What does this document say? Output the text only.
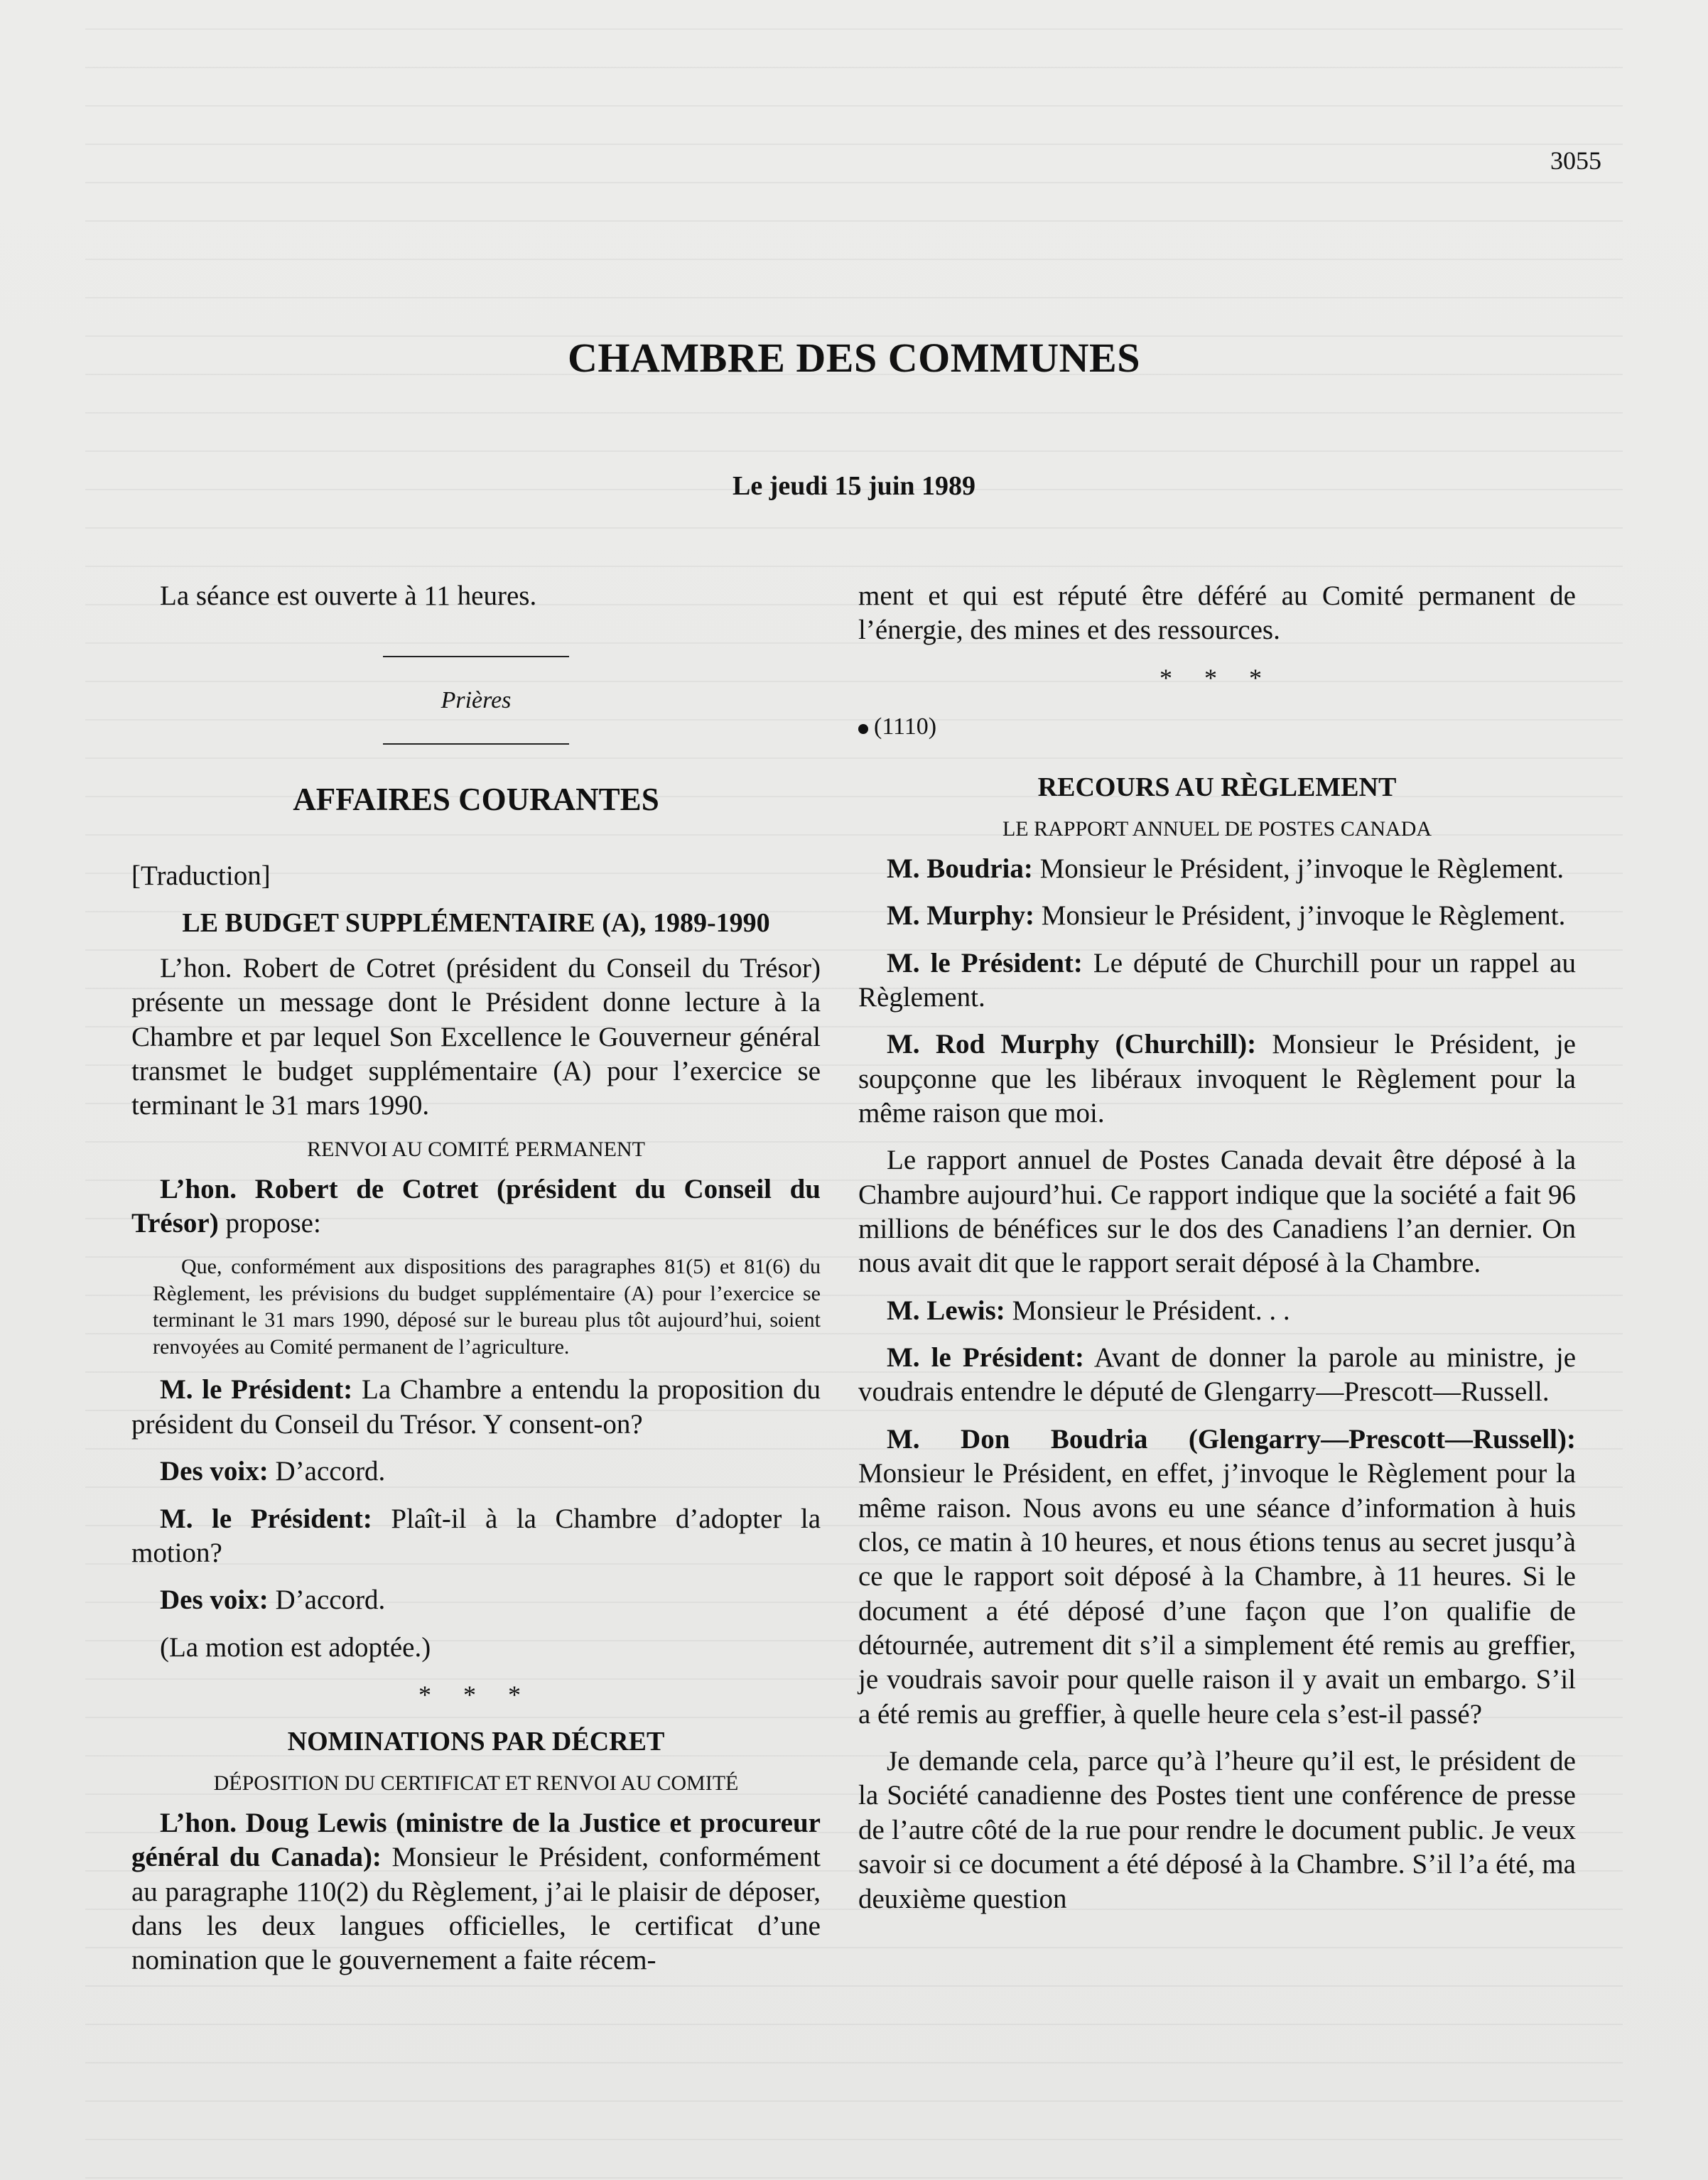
3055
CHAMBRE DES COMMUNES
Le jeudi 15 juin 1989

La séance est ouverte à 11 heures.

Prières
AFFAIRES COURANTES

[Traduction]

LE BUDGET SUPPLÉMENTAIRE (A), 1989-1990

L’hon. Robert de Cotret (président du Conseil du Trésor) présente un message dont le Président donne lecture à la Chambre et par lequel Son Excellence le Gouverneur général transmet le budget supplémentaire (A) pour l’exercice se terminant le 31 mars 1990.

RENVOI AU COMITÉ PERMANENT

L’hon. Robert de Cotret (président du Conseil du Trésor) propose:

Que, conformément aux dispositions des paragraphes 81(5) et 81(6) du Règlement, les prévisions du budget supplémentaire (A) pour l’exercice se terminant le 31 mars 1990, déposé sur le bureau plus tôt aujourd’hui, soient renvoyées au Comité permanent de l’agriculture.

M. le Président: La Chambre a entendu la proposition du président du Conseil du Trésor. Y consent-on?

Des voix: D’accord.

M. le Président: Plaît-il à la Chambre d’adopter la motion?

Des voix: D’accord.

(La motion est adoptée.)

* * *
NOMINATIONS PAR DÉCRET
DÉPOSITION DU CERTIFICAT ET RENVOI AU COMITÉ

L’hon. Doug Lewis (ministre de la Justice et procureur général du Canada): Monsieur le Président, conformément au paragraphe 110(2) du Règlement, j’ai le plaisir de déposer, dans les deux langues officielles, le certificat d’une nomination que le gouvernement a faite récem-

ment et qui est réputé être déféré au Comité permanent de l’énergie, des mines et des ressources.

* * *
(1110)
RECOURS AU RÈGLEMENT
LE RAPPORT ANNUEL DE POSTES CANADA

M. Boudria: Monsieur le Président, j’invoque le Règlement.

M. Murphy: Monsieur le Président, j’invoque le Règlement.

M. le Président: Le député de Churchill pour un rappel au Règlement.

M. Rod Murphy (Churchill): Monsieur le Président, je soupçonne que les libéraux invoquent le Règlement pour la même raison que moi.

Le rapport annuel de Postes Canada devait être déposé à la Chambre aujourd’hui. Ce rapport indique que la société a fait 96 millions de bénéfices sur le dos des Canadiens l’an dernier. On nous avait dit que le rapport serait déposé à la Chambre.

M. Lewis: Monsieur le Président. . .

M. le Président: Avant de donner la parole au ministre, je voudrais entendre le député de Glengarry—Prescott—Russell.

M. Don Boudria (Glengarry—Prescott—Russell): Monsieur le Président, en effet, j’invoque le Règlement pour la même raison. Nous avons eu une séance d’information à huis clos, ce matin à 10 heures, et nous étions tenus au secret jusqu’à ce que le rapport soit déposé à la Chambre, à 11 heures. Si le document a été déposé d’une façon que l’on qualifie de détournée, autrement dit s’il a simplement été remis au greffier, je voudrais savoir pour quelle raison il y avait un embargo. S’il a été remis au greffier, à quelle heure cela s’est-il passé?

Je demande cela, parce qu’à l’heure qu’il est, le président de la Société canadienne des Postes tient une conférence de presse de l’autre côté de la rue pour rendre le document public. Je veux savoir si ce document a été déposé à la Chambre. S’il l’a été, ma deuxième question
